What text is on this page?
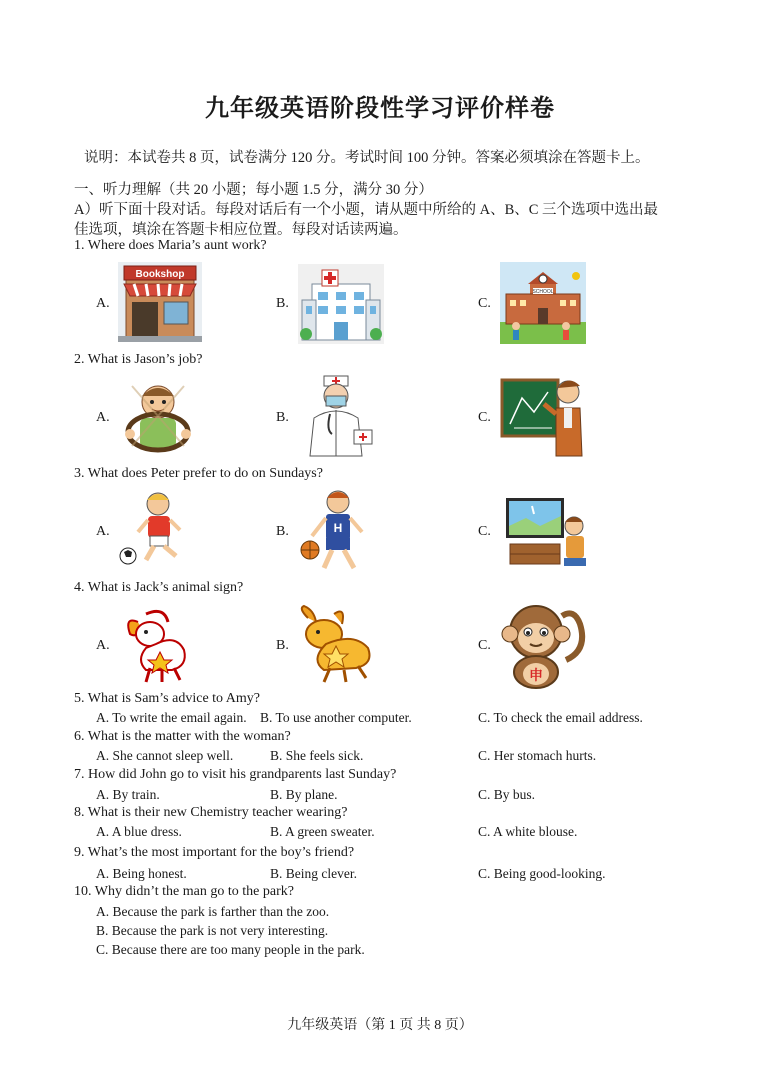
九年级英语阶段性学习评价样卷
说明：本试卷共 8 页，试卷满分 120 分。考试时间 100 分钟。答案必须填涂在答题卡上。
一、听力理解（共 20 小题；每小题 1.5 分，满分 30 分）
A）听下面十段对话。每段对话后有一个小题，请从题中所给的 A、B、C 三个选项中选出最
佳选项，填涂在答题卡相应位置。每段对话读两遍。
1. Where does Maria’s aunt work?
A.	B.	C.
Bookshop
SCHOOL
2. What is Jason’s job?
A.	B.	C.
3. What does Peter prefer to do on Sundays?
A.	B.	C.
H
4. What is Jack’s animal sign?
A.	B.	C.
申
5. What is Sam’s advice to Amy?
A. To write the email again. B. To use another computer.	C. To check the email address.
6. What is the matter with the woman?
A. She cannot sleep well.	B. She feels sick.	C. Her stomach hurts.
7. How did John go to visit his grandparents last Sunday?
A. By train.	B. By plane.	C. By bus.
8. What is their new Chemistry teacher wearing?
A. A blue dress.	B. A green sweater.	C. A white blouse.
9. What’s the most important for the boy’s friend?
A. Being honest.	B. Being clever.	C. Being good-looking.
10. Why didn’t the man go to the park?
A. Because the park is farther than the zoo.
B. Because the park is not very interesting.
C. Because there are too many people in the park.
九年级英语（第 1 页 共 8 页）
